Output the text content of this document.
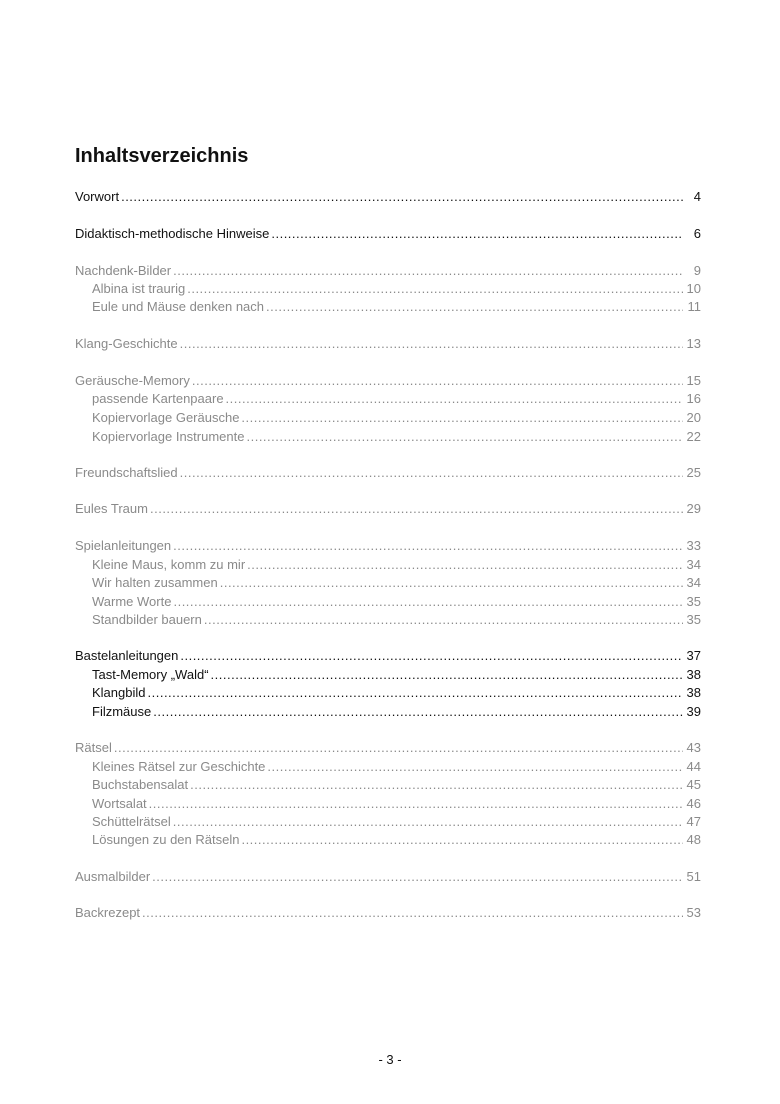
Inhaltsverzeichnis
Vorwort .....	4
Didaktisch-methodische Hinweise .....	6
Nachdenk-Bilder .....	9
Albina ist traurig .....	10
Eule und Mäuse denken nach .....	11
Klang-Geschichte .....	13
Geräusche-Memory .....	15
passende Kartenpaare .....	16
Kopiervorlage Geräusche .....	20
Kopiervorlage Instrumente .....	22
Freundschaftslied .....	25
Eules Traum .....	29
Spielanleitungen .....	33
Kleine Maus, komm zu mir .....	34
Wir halten zusammen .....	34
Warme Worte .....	35
Standbilder bauern .....	35
Bastelanleitungen .....	37
Tast-Memory „Wald“ .....	38
Klangbild .....	38
Filzmäuse .....	39
Rätsel .....	43
Kleines Rätsel zur Geschichte .....	44
Buchstabensalat .....	45
Wortsalat .....	46
Schüttelrätsel .....	47
Lösungen zu den Rätseln .....	48
Ausmalbilder .....	51
Backrezept .....	53
- 3 -
